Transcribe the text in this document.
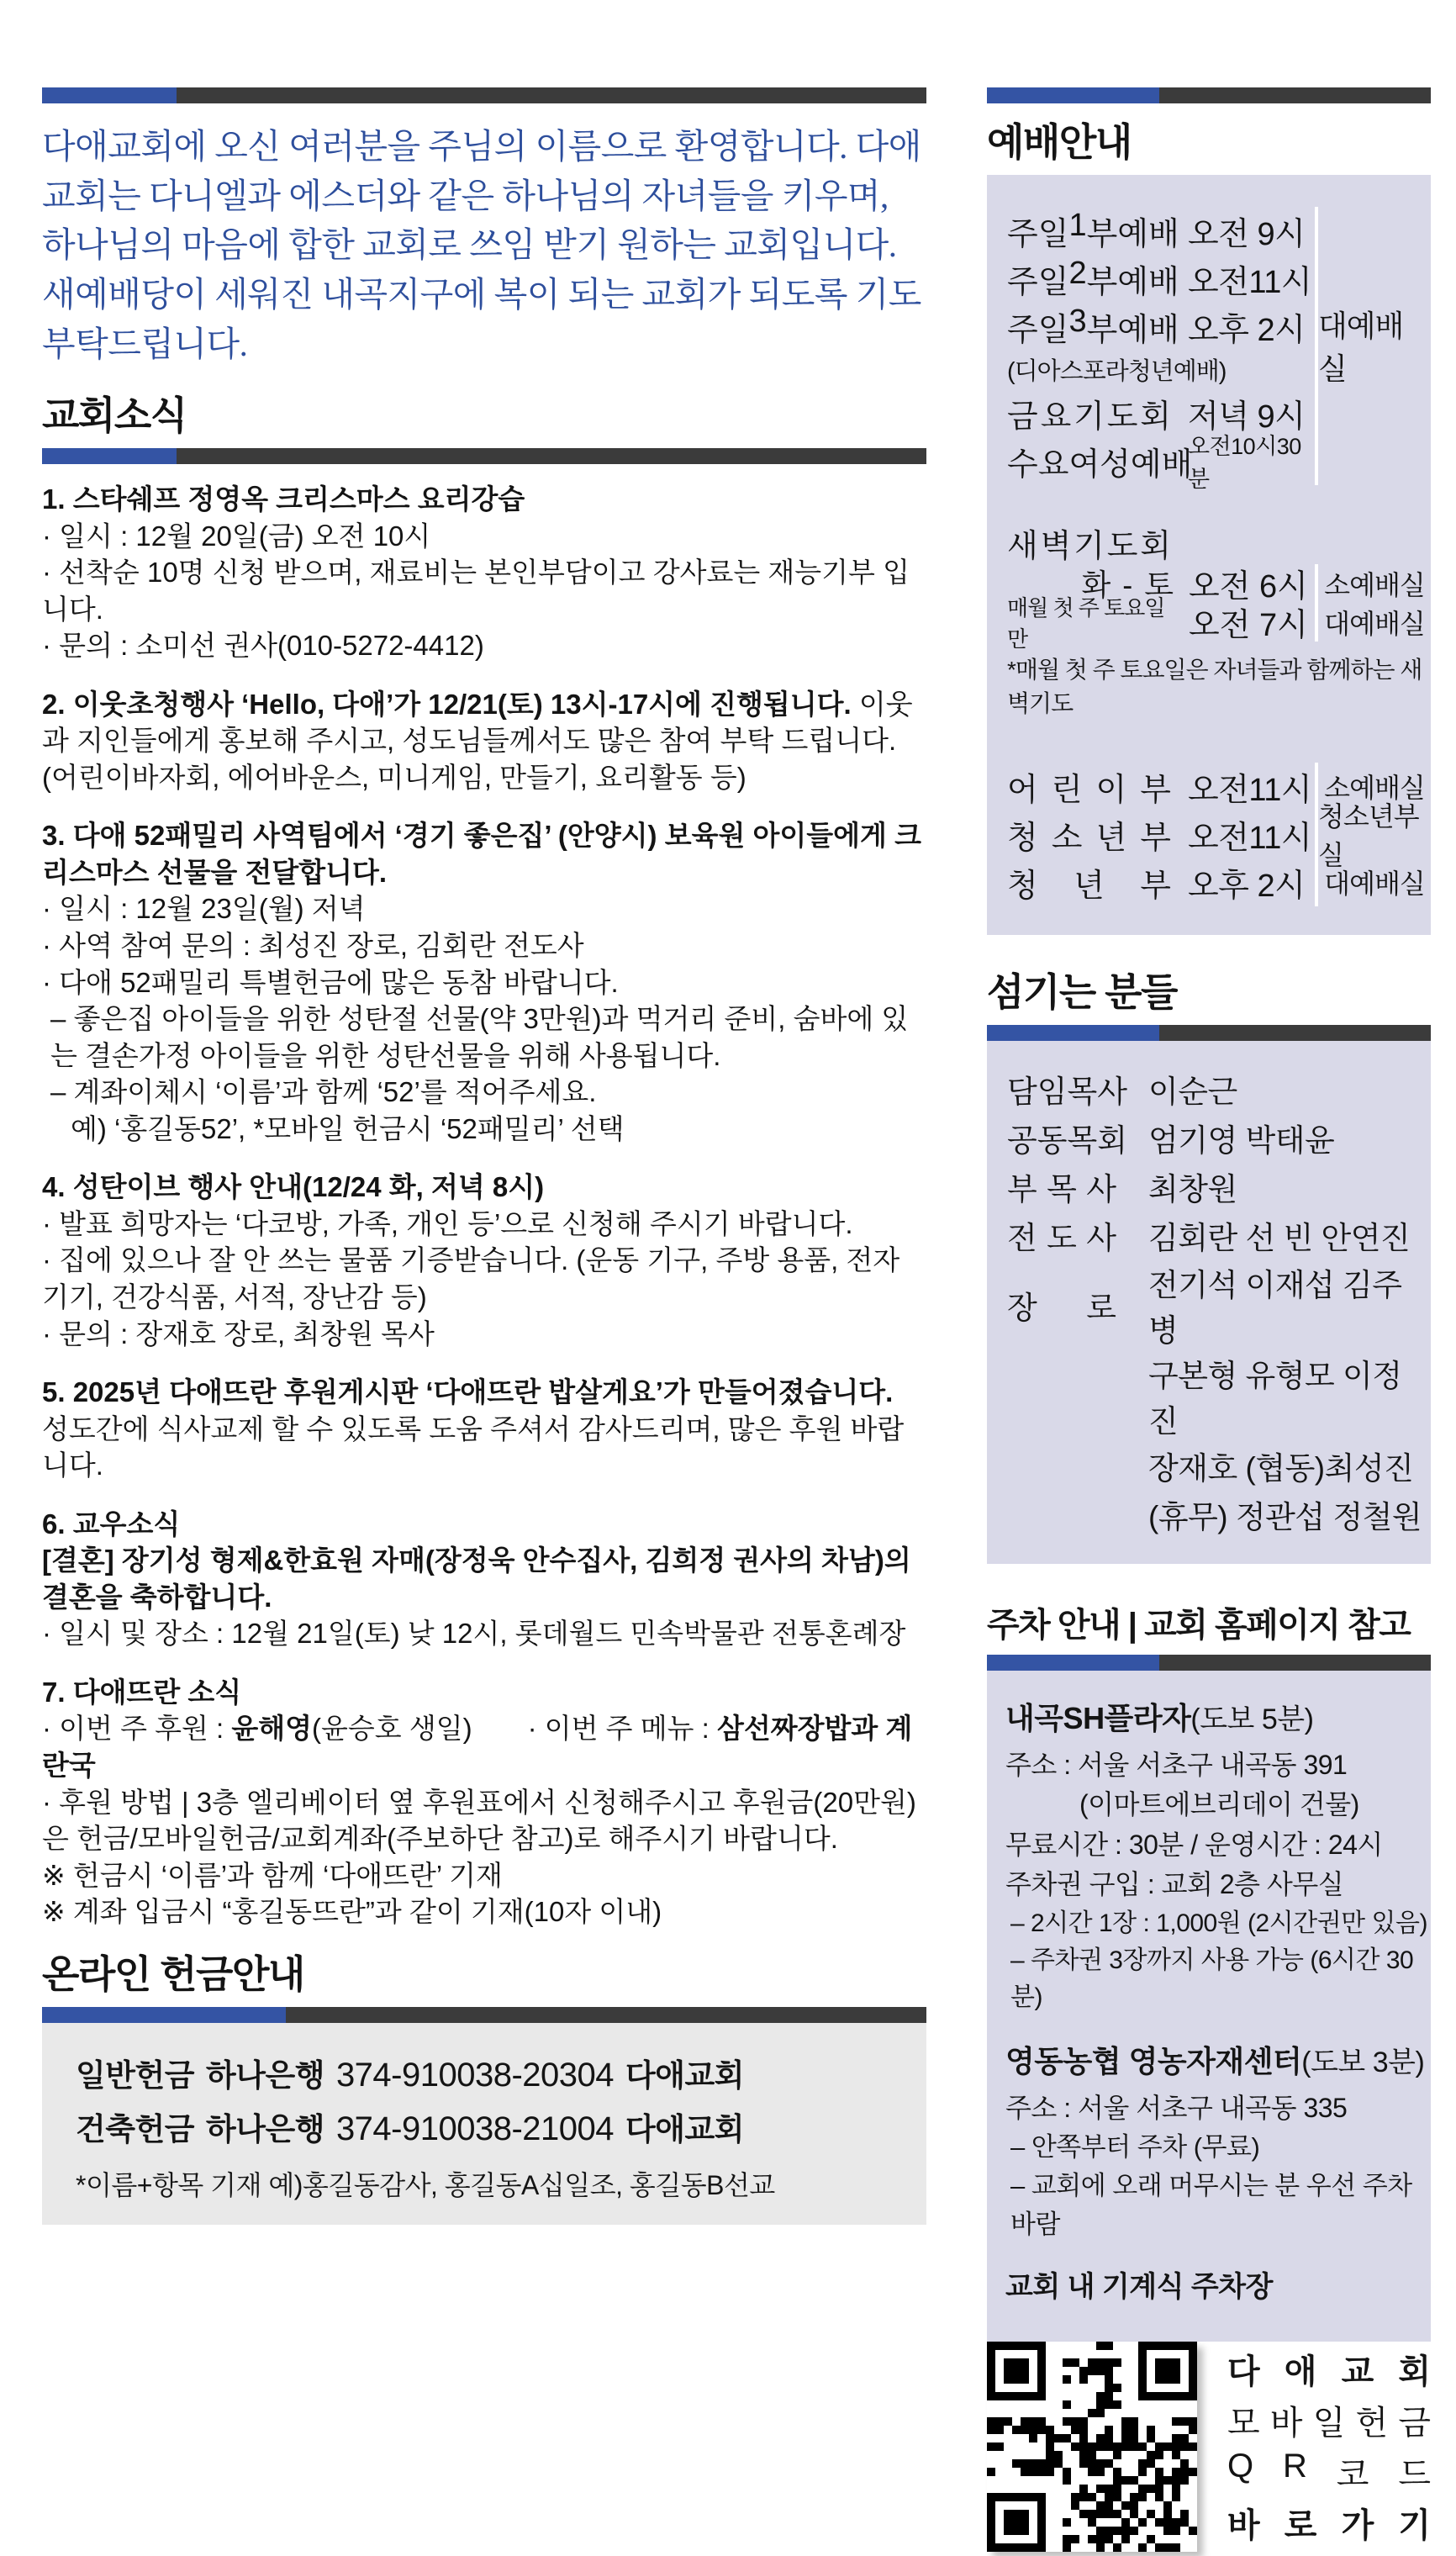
다애교회에 오신 여러분을 주님의 이름으로 환영합니다. 다애교회는 다니엘과 에스더와 같은 하나님의 자녀들을 키우며, 하나님의 마음에 합한 교회로 쓰임 받기 원하는 교회입니다. 새예배당이 세워진 내곡지구에 복이 되는 교회가 되도록 기도 부탁드립니다.

교회소식
1. 스타쉐프 정영옥 크리스마스 요리강습
· 일시 : 12월 20일(금) 오전 10시
· 선착순 10명 신청 받으며, 재료비는 본인부담이고 강사료는 재능기부 입니다.
· 문의 : 소미선 권사(010-5272-4412)

2. 이웃초청행사 ‘Hello, 다애’가 12/21(토) 13시-17시에 진행됩니다. 이웃과 지인들에게 홍보해 주시고, 성도님들께서도 많은 참여 부탁 드립니다. (어린이바자회, 에어바운스, 미니게임, 만들기, 요리활동 등)

3. 다애 52패밀리 사역팀에서 ‘경기 좋은집’ (안양시) 보육원 아이들에게 크리스마스 선물을 전달합니다.
· 일시 : 12월 23일(월) 저녁
· 사역 참여 문의 : 최성진 장로, 김회란 전도사
· 다애 52패밀리 특별헌금에 많은 동참 바랍니다.
– 좋은집 아이들을 위한 성탄절 선물(약 3만원)과 먹거리 준비, 숨바에 있는 결손가정 아이들을 위한 성탄선물을 위해 사용됩니다.
– 계좌이체시 ‘이름’과 함께 ‘52’를 적어주세요.
예) ‘홍길동52’, *모바일 헌금시 ‘52패밀리’ 선택
4. 성탄이브 행사 안내(12/24 화, 저녁 8시)
· 발표 희망자는 ‘다코방, 가족, 개인 등’으로 신청해 주시기 바랍니다.
· 집에 있으나 잘 안 쓰는 물품 기증받습니다. (운동 기구, 주방 용품, 전자 기기, 건강식품, 서적, 장난감 등)
· 문의 : 장재호 장로, 최창원 목사

5. 2025년 다애뜨란 후원게시판 ‘다애뜨란 밥살게요’가 만들어졌습니다. 성도간에 식사교제 할 수 있도록 도움 주셔서 감사드리며, 많은 후원 바랍니다.

6. 교우소식
[결혼] 장기성 형제&한효원 자매(장정욱 안수집사, 김희정 권사의 차남)의 결혼을 축하합니다.
· 일시 및 장소 : 12월 21일(토) 낮 12시, 롯데월드 민속박물관 전통혼례장
7. 다애뜨란 소식
· 이번 주 후원 : 윤해영(윤승호 생일) · 이번 주 메뉴 : 삼선짜장밥과 계란국
· 후원 방법 | 3층 엘리베이터 옆 후원표에서 신청해주시고 후원금(20만원)은 헌금/모바일헌금/교회계좌(주보하단 참고)로 해주시기 바랍니다.
※ 헌금시 ‘이름’과 함께 ‘다애뜨란’ 기재
※ 계좌 입금시 “홍길동뜨란”과 같이 기재(10자 이내)
온라인 헌금안내
일반헌금 하나은행 374-910038-20304 다애교회
건축헌금 하나은행 374-910038-21004 다애교회
*이름+항목 기재 예)홍길동감사, 홍길동A십일조, 홍길동B선교
예배안내
주 일 1 부 예 배 오전 9시
주 일 2 부 예 배 오전11시
주 일 3 부 예 배 오후 2시
(디아스포라청년예배)
금 요 기 도 회 저녁 9시
수 요 여 성 예 배
오전10시30분
대예배실
새 벽 기 도 회
화 - 토 오전 6시 소예배실
매월 첫 주 토요일만	오전 7시 대예배실
*매월 첫 주 토요일은 자녀들과 함께하는 새벽기도
어 린 이 부 오전11시 소예배실
청 소 년 부 오전11시
청소년부실
청 년 부 오후 2시 대예배실
섬기는 분들
담 임 목 사 이순근
공 동 목 회 엄기영 박태윤
부 목 사 최창원
전 도 사 김회란 선 빈 안연진
장 로
전기석 이재섭 김주병
구본형 유형모 이정진
장재호 (협동)최성진
(휴무) 정관섭 정철원
주차 안내 | 교회 홈페이지 참고
내곡SH플라자(도보 5분)
주소 : 서울 서초구 내곡동 391
(이마트에브리데이 건물)
무료시간 : 30분 / 운영시간 : 24시
주차권 구입 : 교회 2층 사무실
– 2시간 1장 : 1,000원 (2시간권만 있음)
– 주차권 3장까지 사용 가능 (6시간 30분)
영동농협 영농자재센터(도보 3분)
주소 : 서울 서초구 내곡동 335
– 안쪽부터 주차 (무료)
– 교회에 오래 머무시는 분 우선 주차 바람
교회 내 기계식 주차장
다 애 교 회
모 바 일 헌 금
Q R 코 드
바 로 가 기
